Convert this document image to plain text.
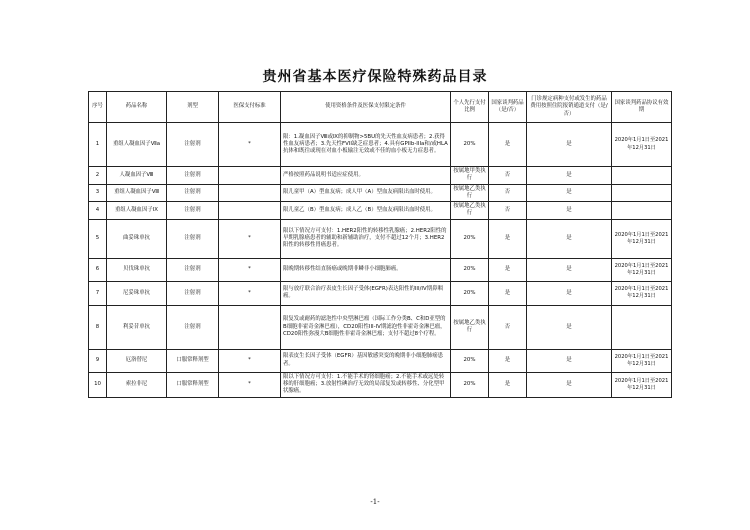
贵州省基本医疗保险特殊药品目录
序号	药品名称	剂型	医保支付标准	使用资格条件及医保支付限定条件	个人先行支付比例	国家谈判药品（是/否）	门诊规定病种支付或发生的药品费用按照住院报销通道支付（是/否）	国家谈判药品协议有效期
1	重组人凝血因子Ⅶa	注射剂	*	限：1.凝血因子Ⅷ或Ⅸ的抑制物>5BU的先天性血友病患者；2.获得性血友病患者；3.先天性FVII缺乏症患者；4.具有GPIIb-IIIa和/或HLA抗体和既往或现在对血小板输注无效或不佳的血小板无力症患者。	20%	是	是	2020年1月1日至2021年12月31日
2	人凝血因子Ⅷ	注射剂		严格按照药品说明书适应症使用。	按属地甲类执行	否	是	
3	重组人凝血因子Ⅷ	注射剂		限儿童甲（A）型血友病；成人甲（A）型血友病限出血时使用。	按属地乙类执行	否	是	
4	重组人凝血因子IX	注射剂		限儿童乙（B）型血友病；成人乙（B）型血友病限出血时使用。	按属地乙类执行	否	是	
5	曲妥珠单抗	注射剂	*	限以下情况方可支付：1.HER2阳性的转移性乳腺癌；2.HER2阳性的早期乳腺癌患者的辅助和新辅助治疗，支付不超过12个月；3.HER2阳性的转移性胃癌患者。	20%	是	是	2020年1月1日至2021年12月31日
6	贝伐珠单抗	注射剂	*	限晚期转移性结直肠癌或晚期非鳞非小细胞肺癌。	20%	是	是	2020年1月1日至2021年12月31日
7	尼妥珠单抗	注射剂	*	限与放疗联合治疗表皮生长因子受体(EGFR)表达阳性的III/IV期鼻咽癌。	20%	是	是	2020年1月1日至2021年12月31日
8	利妥昔单抗	注射剂		限复发或耐药的滤泡性中央型淋巴瘤（国际工作分类B、C和D亚型的B细胞非霍奇金淋巴瘤），CD20阳性III-IV期滤泡性非霍奇金淋巴瘤，CD20阳性弥漫大B细胞性非霍奇金淋巴瘤；支付不超过8个疗程。	按属地乙类执行	否	是	
9	厄洛替尼	口服常释剂型	*	限表皮生长因子受体（EGFR）基因敏感突变的晚期非小细胞肺癌患者。	20%	是	是	2020年1月1日至2021年12月31日
10	索拉非尼	口服常释剂型	*	限以下情况方可支付：1.不能手术的肾细胞癌；2.不能手术或远处转移的肝细胞癌；3.放射性碘治疗无效的局部复发或转移性、分化型甲状腺癌。	20%	是	是	2020年1月1日至2021年12月31日
-1-
